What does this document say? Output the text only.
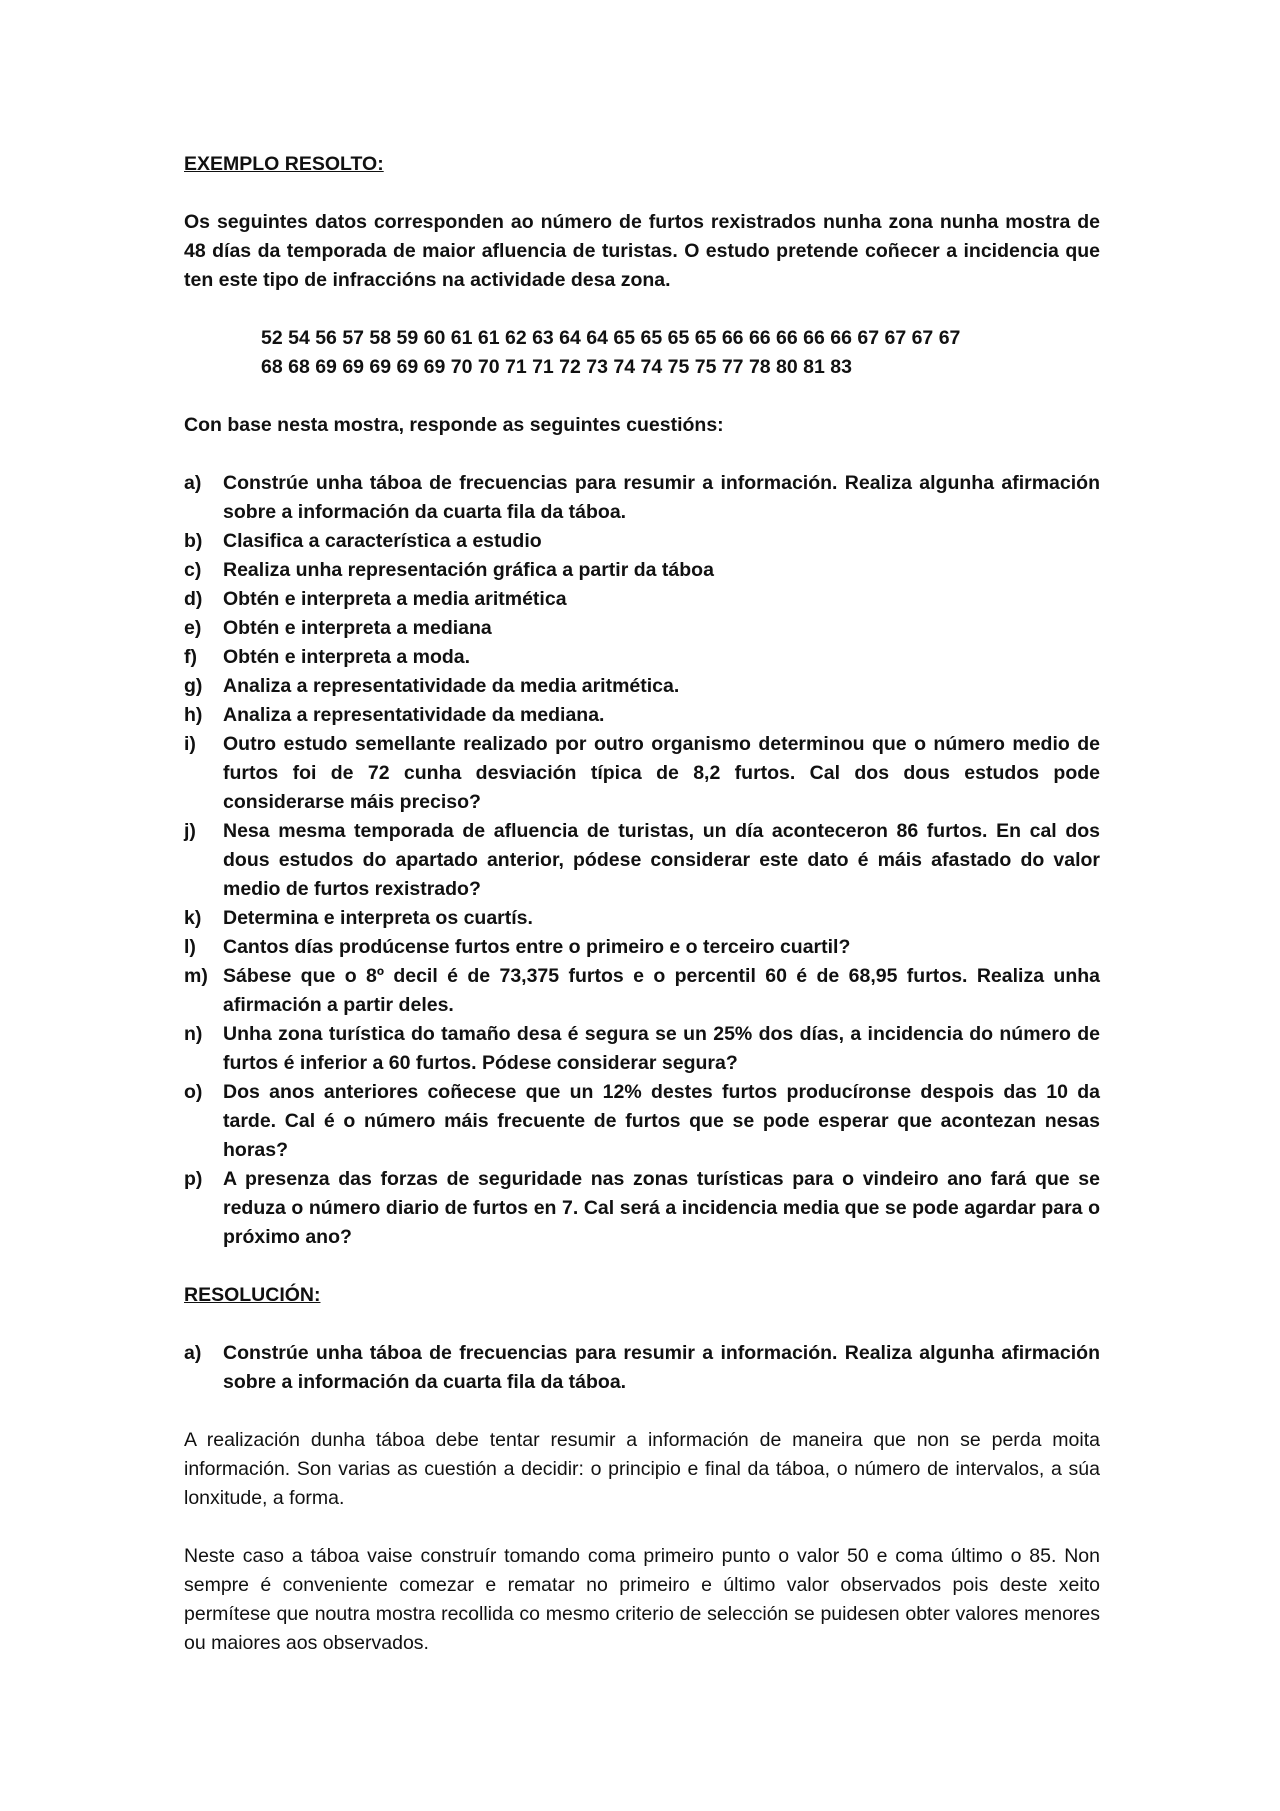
EXEMPLO RESOLTO:

Os seguintes datos corresponden ao número de furtos rexistrados nunha zona nunha mostra de 48 días da temporada de maior afluencia de turistas. O estudo pretende coñecer a incidencia que ten este tipo de infraccións na actividade desa zona.

52 54 56 57 58 59 60 61 61 62 63 64 64 65 65 65 65 66 66 66 66 66 67 67 67 67
68 68 69 69 69 69 69 70 70 71 71 72 73 74 74 75 75 77 78 80 81 83

Con base nesta mostra, responde as seguintes cuestións:

a)	Constrúe unha táboa de frecuencias para resumir a información. Realiza algunha afirmación sobre a información da cuarta fila da táboa.
b)	Clasifica a característica a estudio
c)	Realiza unha representación gráfica a partir da táboa
d)	Obtén e interpreta a media aritmética
e)	Obtén e interpreta a mediana
f)	Obtén e interpreta a moda.
g)	Analiza a representatividade da media aritmética.
h)	Analiza a representatividade da mediana.
i)	Outro estudo semellante realizado por outro organismo determinou que o número medio de furtos foi de 72 cunha desviación típica de 8,2 furtos. Cal dos dous estudos pode considerarse máis preciso?
j)	Nesa mesma temporada de afluencia de turistas, un día aconteceron 86 furtos. En cal dos dous estudos do apartado anterior, pódese considerar este dato é máis afastado do valor medio de furtos rexistrado?
k)	Determina e interpreta os cuartís.
l)	Cantos días prodúcense furtos entre o primeiro e o terceiro cuartil?
m) Sábese que o 8º decil é de 73,375 furtos e o percentil 60 é de 68,95 furtos. Realiza unha afirmación a partir deles.
n)	Unha zona turística do tamaño desa é segura se un 25% dos días, a incidencia do número de furtos é inferior a 60 furtos. Pódese considerar segura?
o)	Dos anos anteriores coñecese que un 12% destes furtos producíronse despois das 10 da tarde. Cal é o número máis frecuente de furtos que se pode esperar que acontezan nesas horas?
p)	A presenza das forzas de seguridade nas zonas turísticas para o vindeiro ano fará que se reduza o número diario de furtos en 7. Cal será a incidencia media que se pode agardar para o próximo ano?

RESOLUCIÓN:

a)	Constrúe unha táboa de frecuencias para resumir a información. Realiza algunha afirmación sobre a información da cuarta fila da táboa.

A realización dunha táboa debe tentar resumir a información de maneira que non se perda moita información. Son varias as cuestión a decidir: o principio e final da táboa, o número de intervalos, a súa lonxitude, a forma.

Neste caso a táboa vaise construír tomando coma primeiro punto o valor 50 e coma último o 85. Non sempre é conveniente comezar e rematar no primeiro e último valor observados pois deste xeito permítese que noutra mostra recollida co mesmo criterio de selección se puidesen obter valores menores ou maiores aos observados.
